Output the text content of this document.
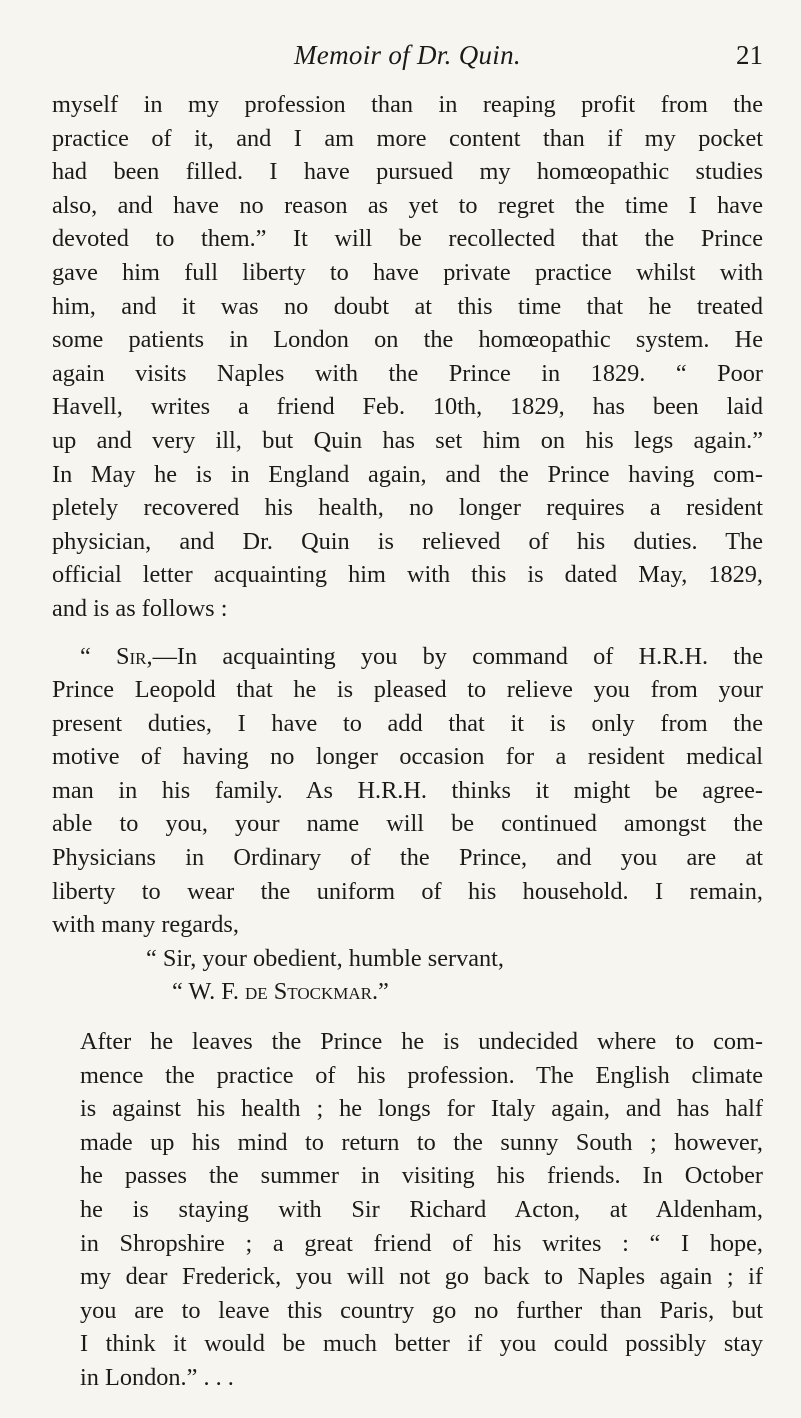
Memoir of Dr. Quin.	21

myself in my profession than in reaping profit from the
practice of it, and I am more content than if my pocket
had been filled. I have pursued my homœopathic studies
also, and have no reason as yet to regret the time I have
devoted to them.” It will be recollected that the Prince
gave him full liberty to have private practice whilst with
him, and it was no doubt at this time that he treated
some patients in London on the homœopathic system. He
again visits Naples with the Prince in 1829. “ Poor
Havell, writes a friend Feb. 10th, 1829, has been laid
up and very ill, but Quin has set him on his legs again.”
In May he is in England again, and the Prince having com-
pletely recovered his health, no longer requires a resident
physician, and Dr. Quin is relieved of his duties. The
official letter acquainting him with this is dated May, 1829,
and is as follows :

“ Sir,—In acquainting you by command of H.R.H. the
Prince Leopold that he is pleased to relieve you from your
present duties, I have to add that it is only from the
motive of having no longer occasion for a resident medical
man in his family. As H.R.H. thinks it might be agree-
able to you, your name will be continued amongst the
Physicians in Ordinary of the Prince, and you are at
liberty to wear the uniform of his household. I remain,
with many regards,
“ Sir, your obedient, humble servant,
“ W. F. de Stockmar.”

After he leaves the Prince he is undecided where to com-
mence the practice of his profession. The English climate
is against his health ; he longs for Italy again, and has half
made up his mind to return to the sunny South ; however,
he passes the summer in visiting his friends. In October
he is staying with Sir Richard Acton, at Aldenham,
in Shropshire ; a great friend of his writes : “ I hope,
my dear Frederick, you will not go back to Naples again ; if
you are to leave this country go no further than Paris, but
I think it would be much better if you could possibly stay
in London.” . . .
